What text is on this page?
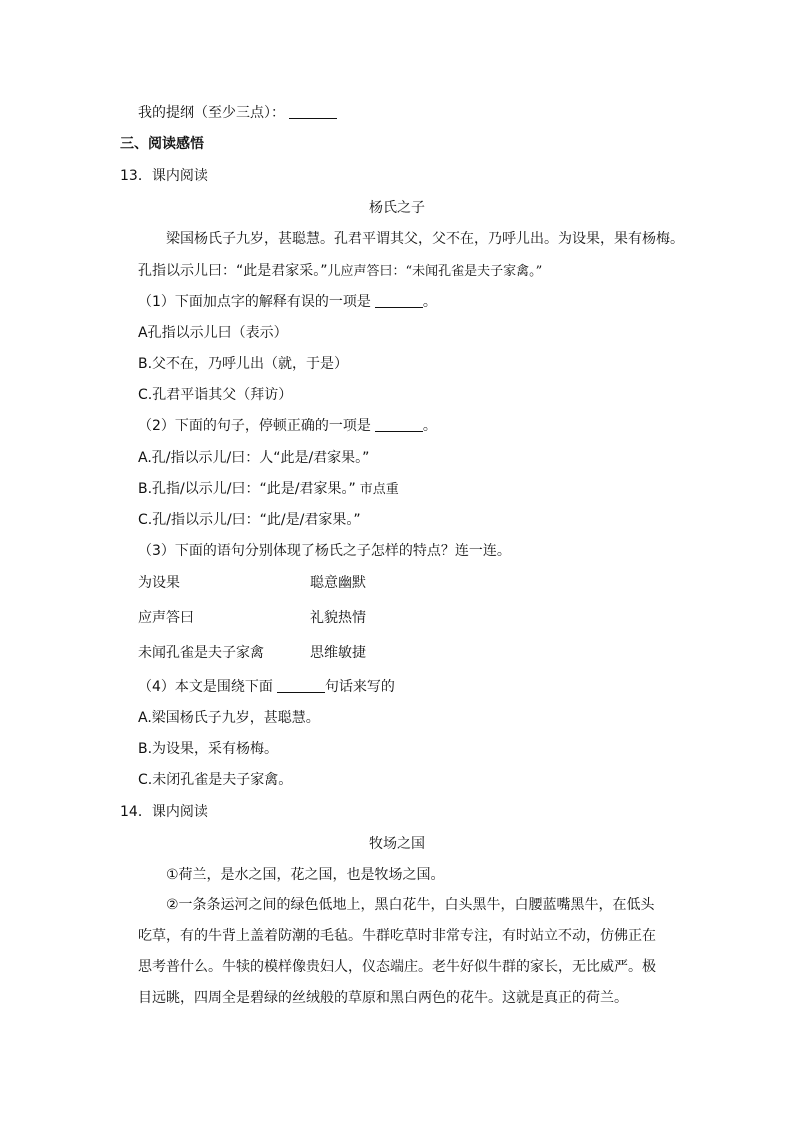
我的提纲（至少三点）：
三、阅读感悟
13．课内阅读
杨氏之子
梁国杨氏子九岁，甚聪慧。孔君平谓其父，父不在，乃呼儿出。为设果，果有杨梅。
孔指以示儿曰：“此是君家采。”儿应声答曰：“未闻孔雀是夫子家禽。”
（1）下面加点字的解释有误的一项是	。
A孔指以示儿曰（表示）
B.父不在，乃呼儿出（就，于是）
C.孔君平诣其父（拜访）
（2）下面的句子，停顿正确的一项是	。
A.孔/指以示儿/曰：人“此是/君家果。”
B.孔指/以示儿/曰：“此是/君家果。” 市点重
C.孔/指以示儿/曰：“此/是/君家果。”
（3）下面的语句分别体现了杨氏之子怎样的特点？连一连。
为设果	聪意幽默
应声答曰	礼貌热情
未闻孔雀是夫子家禽	思维敏捷
（4）本文是围绕下面	句话来写的
A.梁国杨氏子九岁，甚聪慧。
B.为设果，采有杨梅。
C.未闭孔雀是夫子家禽。
14．课内阅读
牧场之国
①荷兰，是水之国，花之国，也是牧场之国。
②一条条运河之间的绿色低地上，黑白花牛，白头黑牛，白腰蓝嘴黑牛，在低头吃草，有的牛背上盖着防潮的毛毡。牛群吃草时非常专注，有时站立不动，仿佛正在思考普什么。牛犊的模样像贵妇人，仪态端庄。老牛好似牛群的家长，无比威严。极目远眺，四周全是碧绿的丝绒般的草原和黑白两色的花牛。这就是真正的荷兰。
